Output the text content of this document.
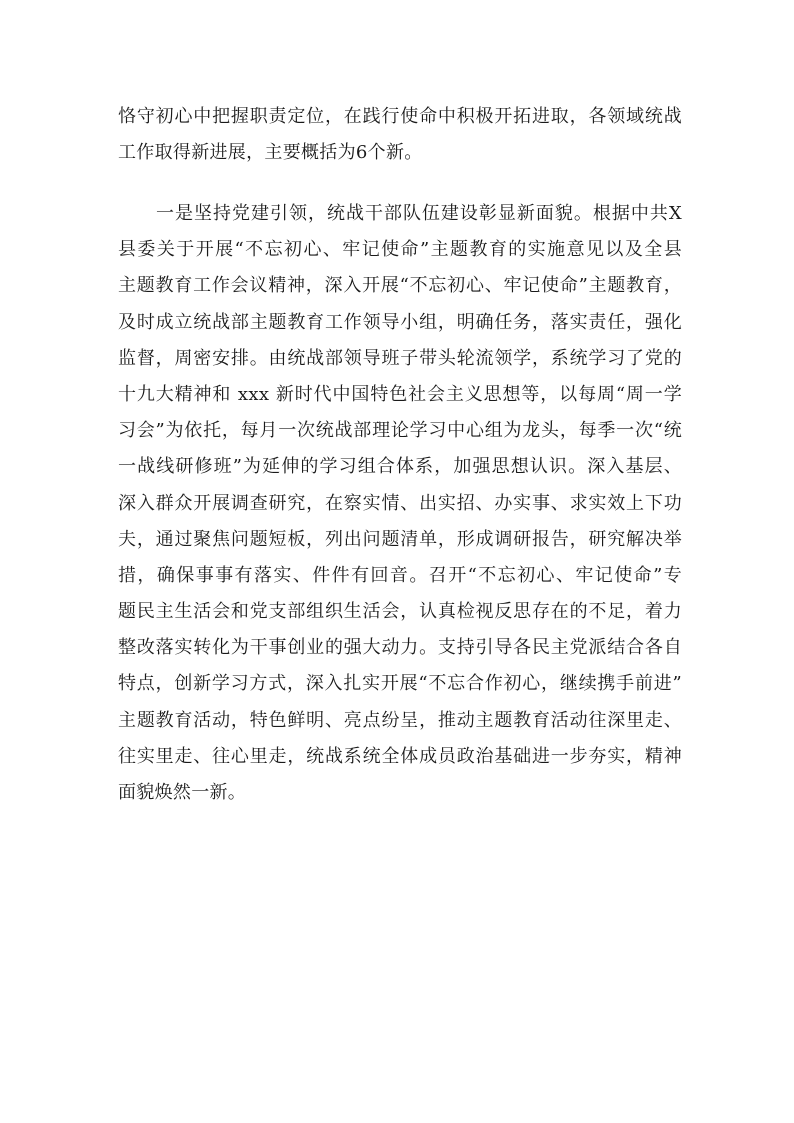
恪守初心中把握职责定位，在践行使命中积极开拓进取，各领域统战
工作取得新进展，主要概括为6个新。
　　一是坚持党建引领，统战干部队伍建设彰显新面貌。根据中共X
县委关于开展“不忘初心、牢记使命”主题教育的实施意见以及全县
主题教育工作会议精神，深入开展“不忘初心、牢记使命”主题教育，
及时成立统战部主题教育工作领导小组，明确任务，落实责任，强化
监督，周密安排。由统战部领导班子带头轮流领学，系统学习了党的
十九大精神和 xxx 新时代中国特色社会主义思想等，以每周“周一学
习会”为依托，每月一次统战部理论学习中心组为龙头，每季一次“统
一战线研修班”为延伸的学习组合体系，加强思想认识。深入基层、
深入群众开展调查研究，在察实情、出实招、办实事、求实效上下功
夫，通过聚焦问题短板，列出问题清单，形成调研报告，研究解决举
措，确保事事有落实、件件有回音。召开“不忘初心、牢记使命”专
题民主生活会和党支部组织生活会，认真检视反思存在的不足，着力
整改落实转化为干事创业的强大动力。支持引导各民主党派结合各自
特点，创新学习方式，深入扎实开展“不忘合作初心，继续携手前进”
主题教育活动，特色鲜明、亮点纷呈，推动主题教育活动往深里走、
往实里走、往心里走，统战系统全体成员政治基础进一步夯实，精神
面貌焕然一新。
